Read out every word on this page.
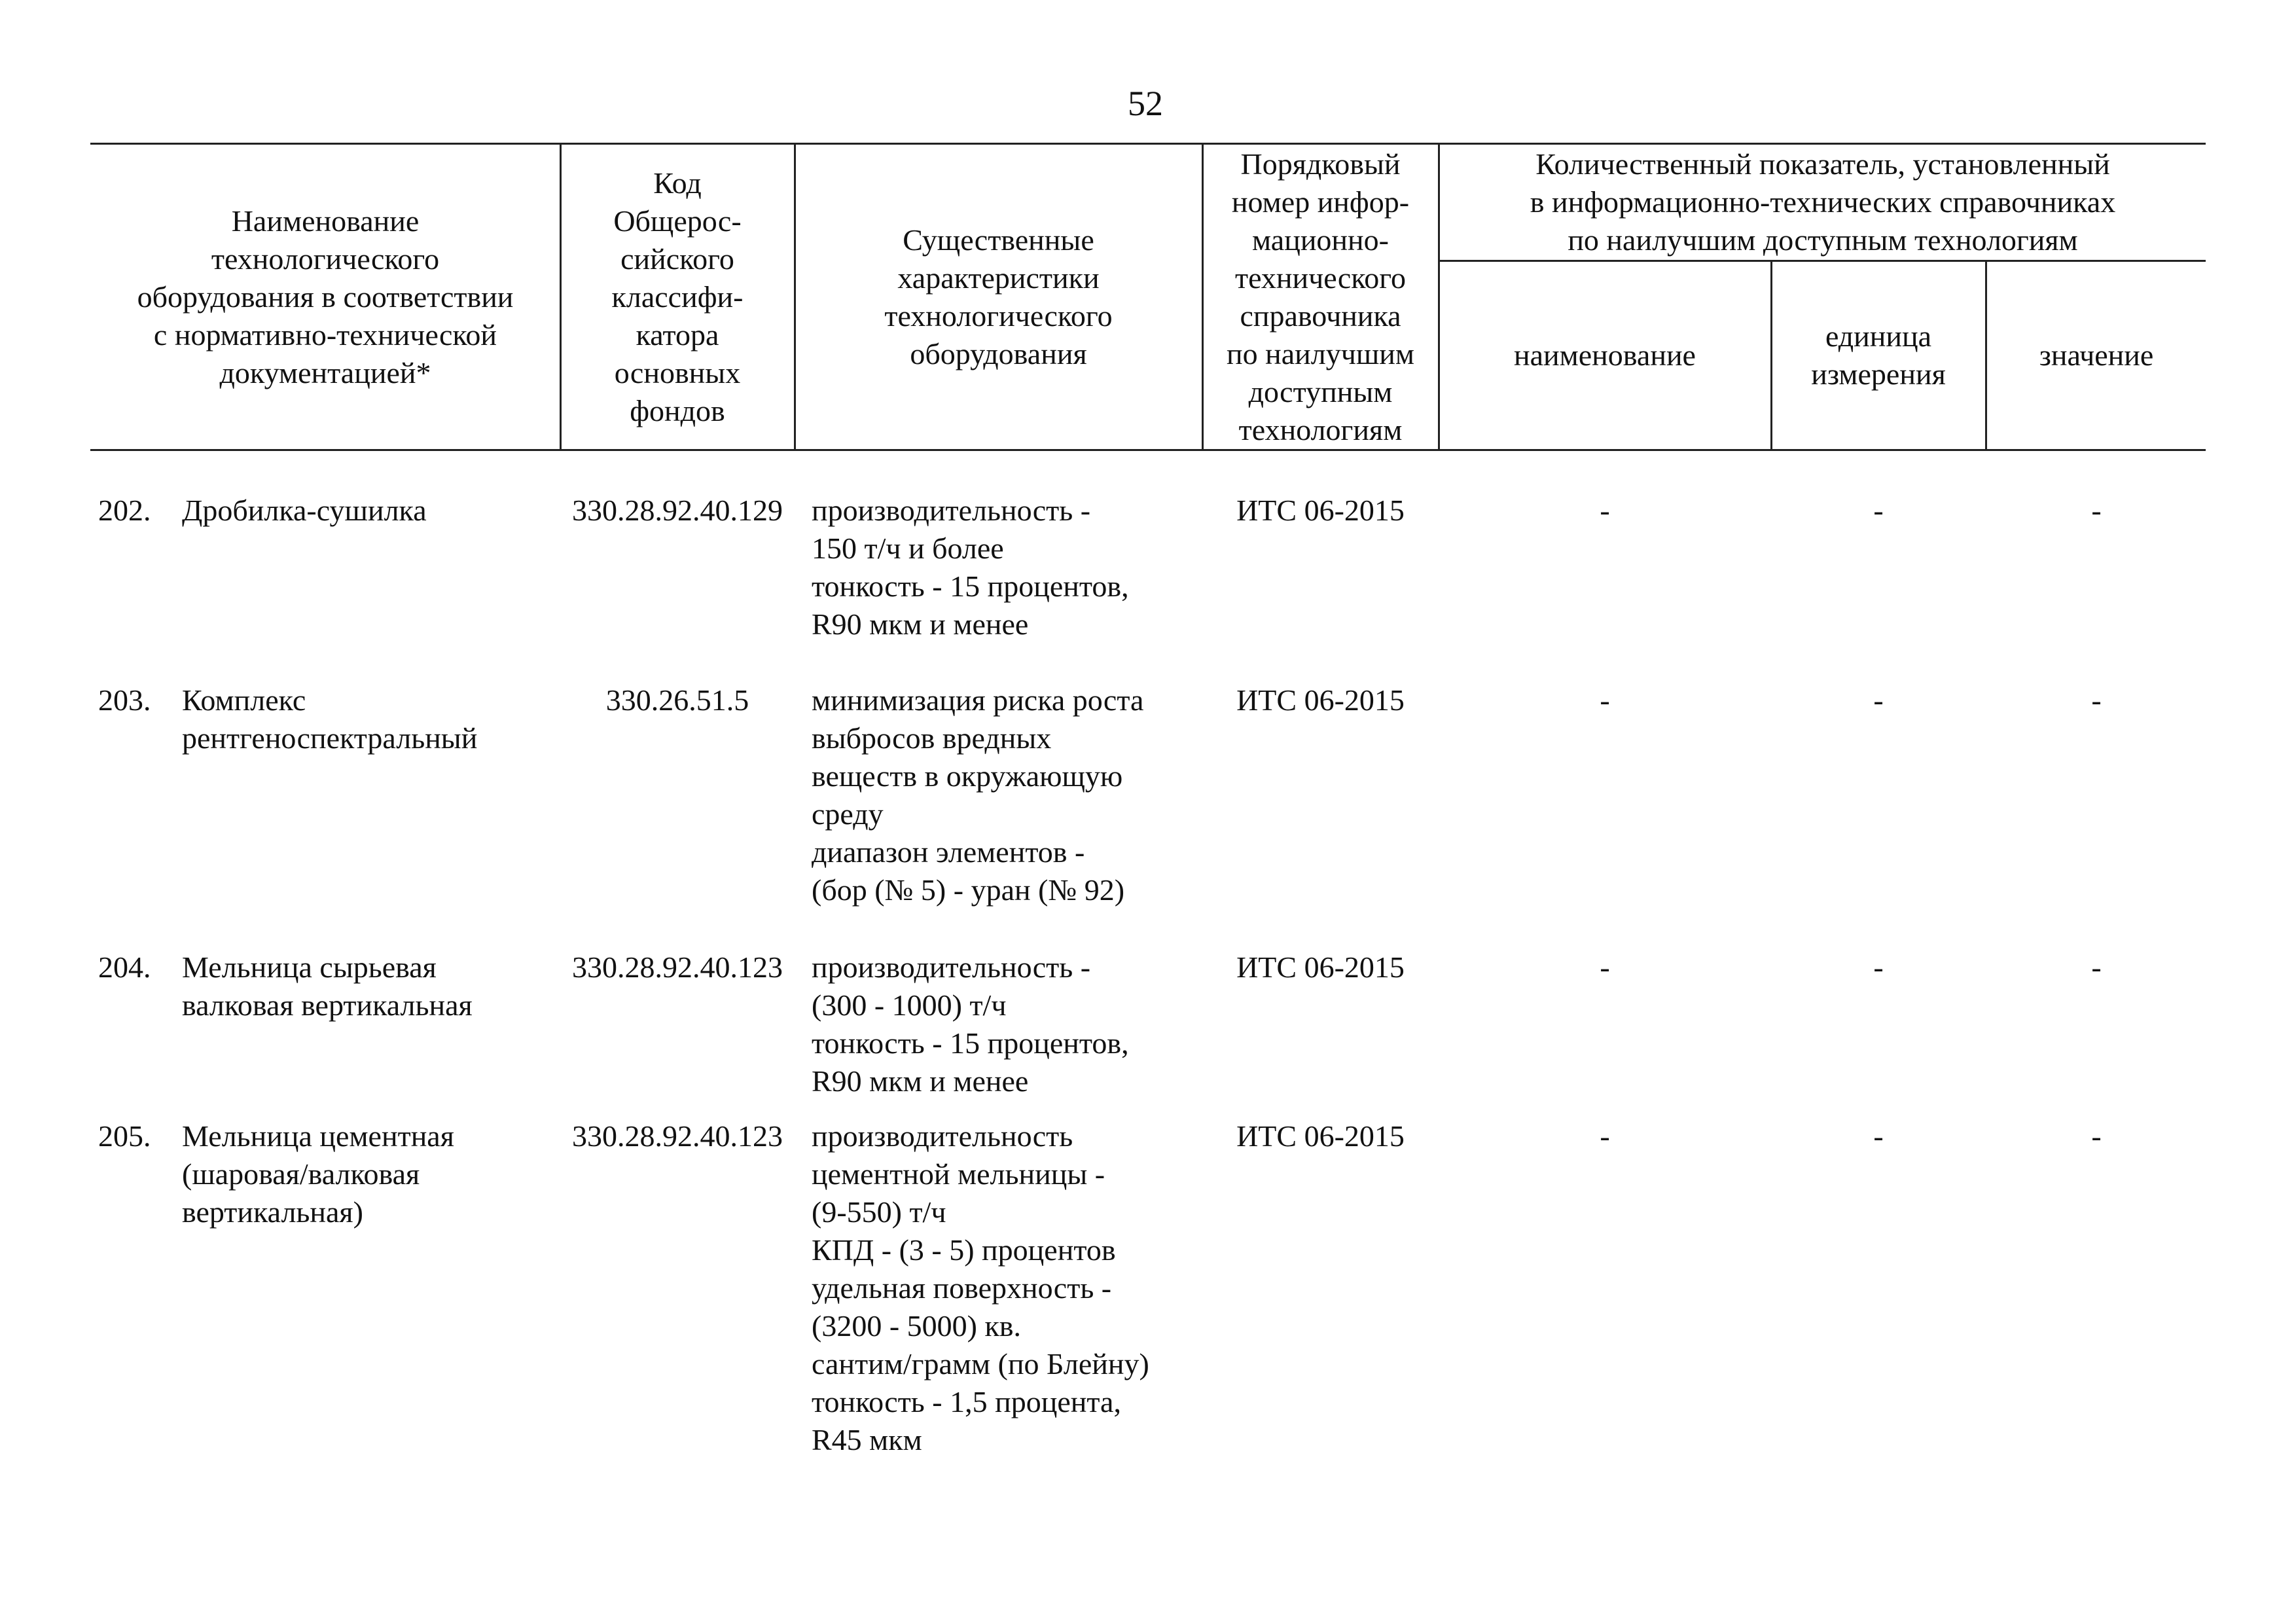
52
Наименование
технологического
оборудования в соответствии
с нормативно-технической
документацией*
Код
Общерос-
сийского
классифи-
катора
основных
фондов
Существенные
характеристики
технологического
оборудования
Порядковый
номер инфор-
мационно-
технического
справочника
по наилучшим
доступным
технологиям
Количественный показатель, установленный
в информационно-технических справочниках
по наилучшим доступным технологиям
наименование
единица
измерения
значение
202.	Дробилка-сушилка	330.28.92.40.129 производительность -
150 т/ч и более
тонкость - 15 процентов,
R90 мкм и менее
ИТС 06-2015	-	-	-
203.	Комплекс
рентгеноспектральный
330.26.51.5	минимизация риска роста
выбросов вредных
веществ в окружающую
среду
диапазон элементов -
(бор (№ 5) - уран (№ 92)
ИТС 06-2015	-	-	-
204.	Мельница сырьевая
валковая вертикальная
330.28.92.40.123 производительность -
(300 - 1000) т/ч
тонкость - 15 процентов,
R90 мкм и менее
ИТС 06-2015	-	-	-
205.	Мельница цементная
(шаровая/валковая
вертикальная)
330.28.92.40.123 производительность
цементной мельницы -
(9-550) т/ч
КПД - (3 - 5) процентов
удельная поверхность -
(3200 - 5000) кв.
сантим/грамм (по Блейну)
тонкость - 1,5 процента,
R45 мкм
ИТС 06-2015	-	-	-
